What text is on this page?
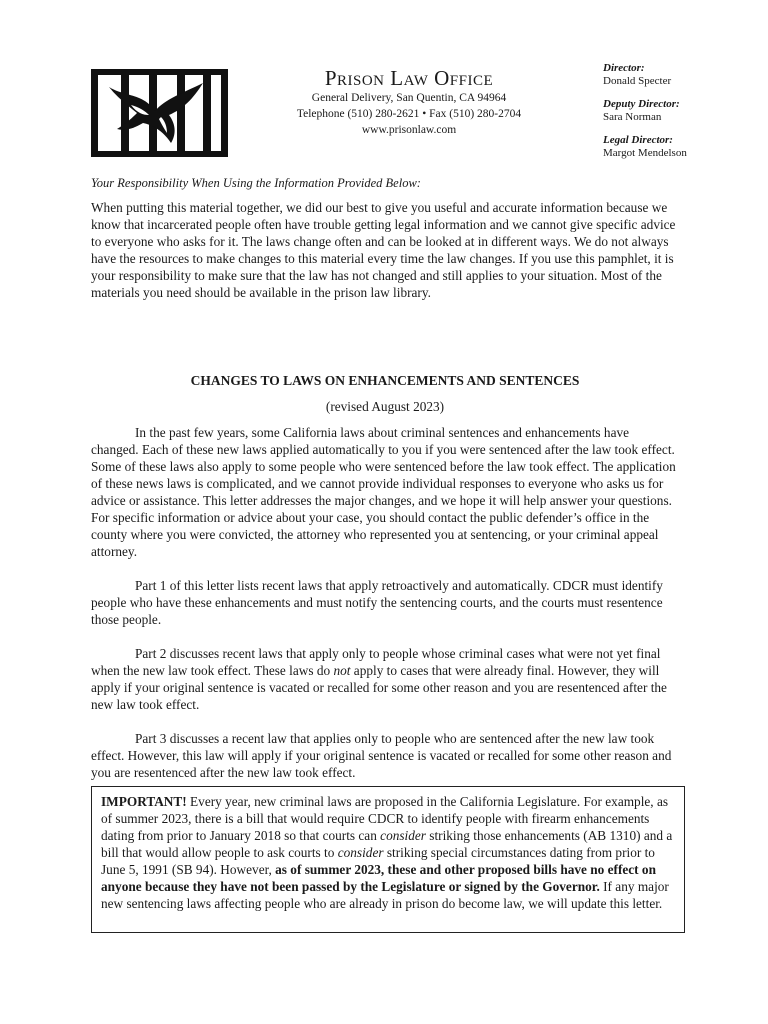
Prison Law Office
General Delivery, San Quentin, CA 94964
Telephone (510) 280-2621 • Fax (510) 280-2704
www.prisonlaw.com
Director:
Donald Specter
Deputy Director:
Sara Norman
Legal Director:
Margot Mendelson
Your Responsibility When Using the Information Provided Below:
When putting this material together, we did our best to give you useful and accurate information because we know that incarcerated people often have trouble getting legal information and we cannot give specific advice to everyone who asks for it. The laws change often and can be looked at in different ways. We do not always have the resources to make changes to this material every time the law changes. If you use this pamphlet, it is your responsibility to make sure that the law has not changed and still applies to your situation. Most of the materials you need should be available in the prison law library.
CHANGES TO LAWS ON ENHANCEMENTS AND SENTENCES
(revised August 2023)

In the past few years, some California laws about criminal sentences and enhancements have changed. Each of these new laws applied automatically to you if you were sentenced after the law took effect. Some of these laws also apply to some people who were sentenced before the law took effect. The application of these news laws is complicated, and we cannot provide individual responses to everyone who asks us for advice or assistance. This letter addresses the major changes, and we hope it will help answer your questions. For specific information or advice about your case, you should contact the public defender’s office in the county where you were convicted, the attorney who represented you at sentencing, or your criminal appeal attorney.

Part 1 of this letter lists recent laws that apply retroactively and automatically. CDCR must identify people who have these enhancements and must notify the sentencing courts, and the courts must resentence those people.

Part 2 discusses recent laws that apply only to people whose criminal cases what were not yet final when the new law took effect. These laws do not apply to cases that were already final. However, they will apply if your original sentence is vacated or recalled for some other reason and you are resentenced after the new law took effect.

Part 3 discusses a recent law that applies only to people who are sentenced after the new law took effect. However, this law will apply if your original sentence is vacated or recalled for some other reason and you are resentenced after the new law took effect.

IMPORTANT! Every year, new criminal laws are proposed in the California Legislature. For example, as of summer 2023, there is a bill that would require CDCR to identify people with firearm enhancements dating from prior to January 2018 so that courts can consider striking those enhancements (AB 1310) and a bill that would allow people to ask courts to consider striking special circumstances dating from prior to June 5, 1991 (SB 94). However, as of summer 2023, these and other proposed bills have no effect on anyone because they have not been passed by the Legislature or signed by the Governor. If any major new sentencing laws affecting people who are already in prison do become law, we will update this letter.
